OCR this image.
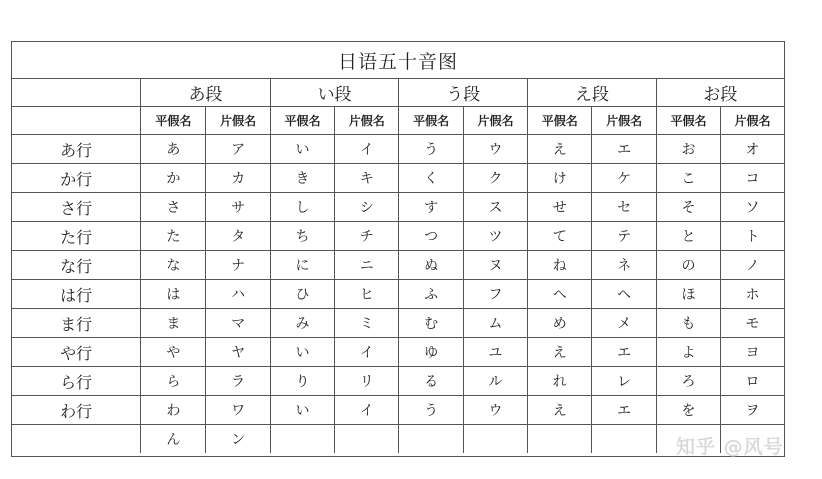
日语五十音图
	あ段		い段		う段		え段		お段	
	平假名	片假名	平假名	片假名	平假名	片假名	平假名	片假名	平假名	片假名
あ行	あ	ア	い	イ	う	ウ	え	エ	お	オ
か行	か	カ	き	キ	く	ク	け	ケ	こ	コ
さ行	さ	サ	し	シ	す	ス	せ	セ	そ	ソ
た行	た	タ	ち	チ	つ	ツ	て	テ	と	ト
な行	な	ナ	に	ニ	ぬ	ヌ	ね	ネ	の	ノ
は行	は	ハ	ひ	ヒ	ふ	フ	へ	ヘ	ほ	ホ
ま行	ま	マ	み	ミ	む	ム	め	メ	も	モ
や行	や	ヤ	い	イ	ゆ	ユ	え	エ	よ	ヨ
ら行	ら	ラ	り	リ	る	ル	れ	レ	ろ	ロ
わ行	わ	ワ	い	イ	う	ウ	え	エ	を	ヲ
	ん	ン									知乎 @风号
